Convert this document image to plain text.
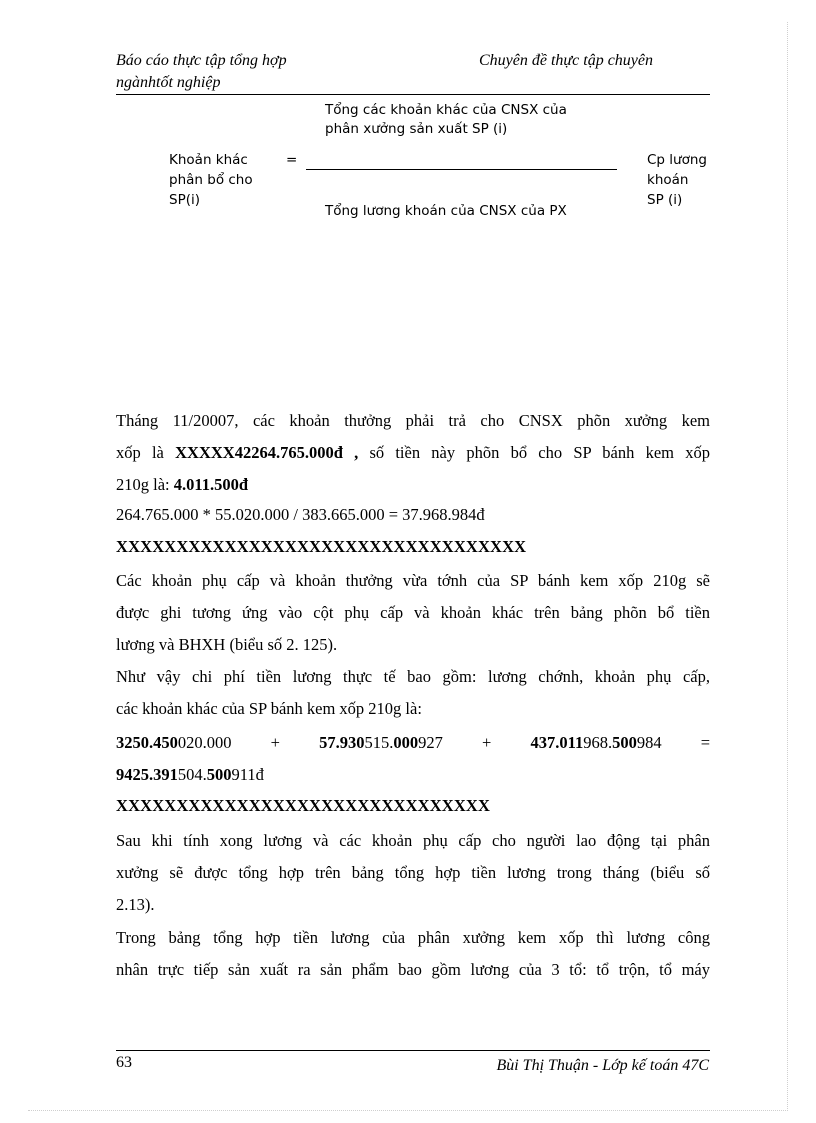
Báo cáo thực tập tổng hợp
ngànhtốt nghiệp
Chuyên đề thực tập chuyên
Tổng các khoản khác của CNSX của
phân xưởng sản xuất SP (i)
Khoản khác
phân bổ cho
SP(i)
=
Tổng lương khoán của CNSX của PX
Cp lương
khoán
SP (i)

Tháng 11/20007, các khoản thưởng phải trả cho CNSX phõn xưởng kem

xốp là XXXXX42264.765.000đ , số tiền này phõn bổ cho SP bánh kem xốp

210g là: 4.011.500đ

264.765.000 * 55.020.000 / 383.665.000 = 37.968.984đ

XXXXXXXXXXXXXXXXXXXXXXXXXXXXXXXXXX

Các khoản phụ cấp và khoản thưởng vừa tớnh của SP bánh kem xốp 210g sẽ

được ghi tương ứng vào cột phụ cấp và khoản khác trên bảng phõn bổ tiền

lương và BHXH (biểu số 2. 125).

Như vậy chi phí tiền lương thực tế bao gồm: lương chớnh, khoản phụ cấp,

các khoản khác của SP bánh kem xốp 210g là:

3250.450020.000 + 57.930515.000927 + 437.011968.500984 =

9425.391504.500911đ

XXXXXXXXXXXXXXXXXXXXXXXXXXXXXXX

Sau khi tính xong lương và các khoản phụ cấp cho người lao động tại phân

xưởng sẽ được tổng hợp trên bảng tổng hợp tiền lương trong tháng (biểu số

2.13).

Trong bảng tổng hợp tiền lương của phân xưởng kem xốp thì lương công

nhân trực tiếp sản xuất ra sản phẩm bao gồm lương của 3 tổ: tổ trộn, tổ máy

63	Bùi Thị Thuận - Lớp kế toán 47C
